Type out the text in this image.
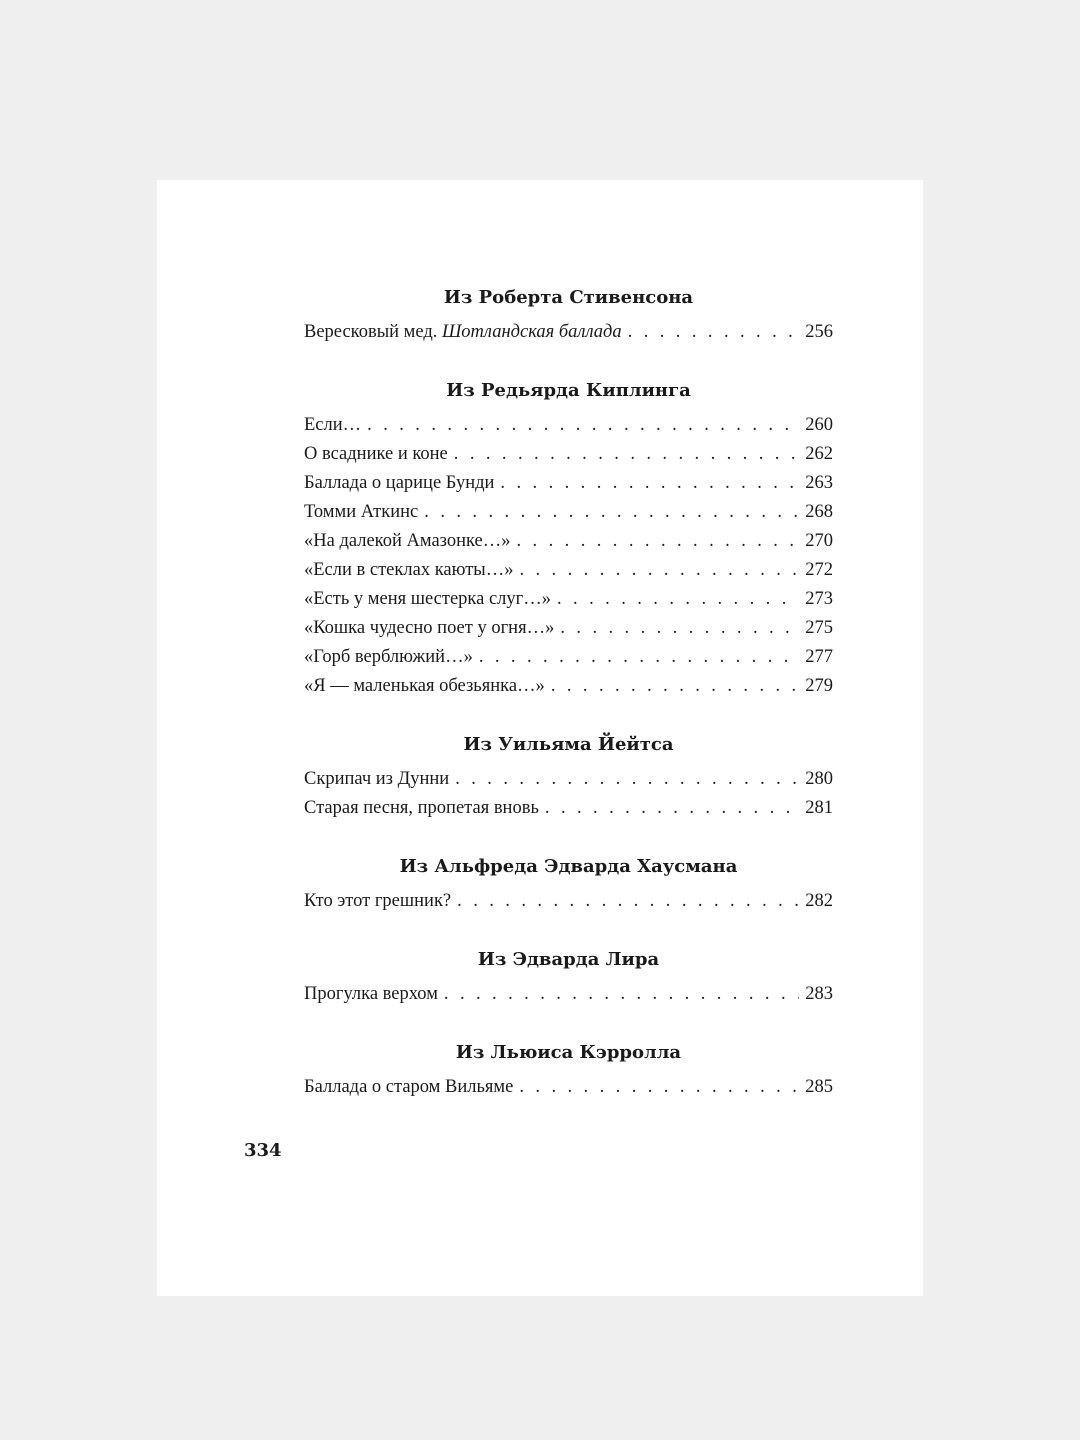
Из Роберта Стивенсона
Вересковый мед. Шотландская баллада . . .	256
Из Редьярда Киплинга
Если… . . .	260
О всаднике и коне . . .	262
Баллада о царице Бунди . . .	263
Томми Аткинс . . .	268
«На далекой Амазонке…» . . .	270
«Если в стеклах каюты…» . . .	272
«Есть у меня шестерка слуг…» . . .	273
«Кошка чудесно поет у огня…» . . .	275
«Горб верблюжий…» . . .	277
«Я — маленькая обезьянка…» . . .	279
Из Уильяма Йейтса
Скрипач из Дунни . . .	280
Старая песня, пропетая вновь . . .	281
Из Альфреда Эдварда Хаусмана
Кто этот грешник? . . .	282
Из Эдварда Лира
Прогулка верхом . . .	283
Из Льюиса Кэрролла
Баллада о старом Вильяме . . .	285
334
